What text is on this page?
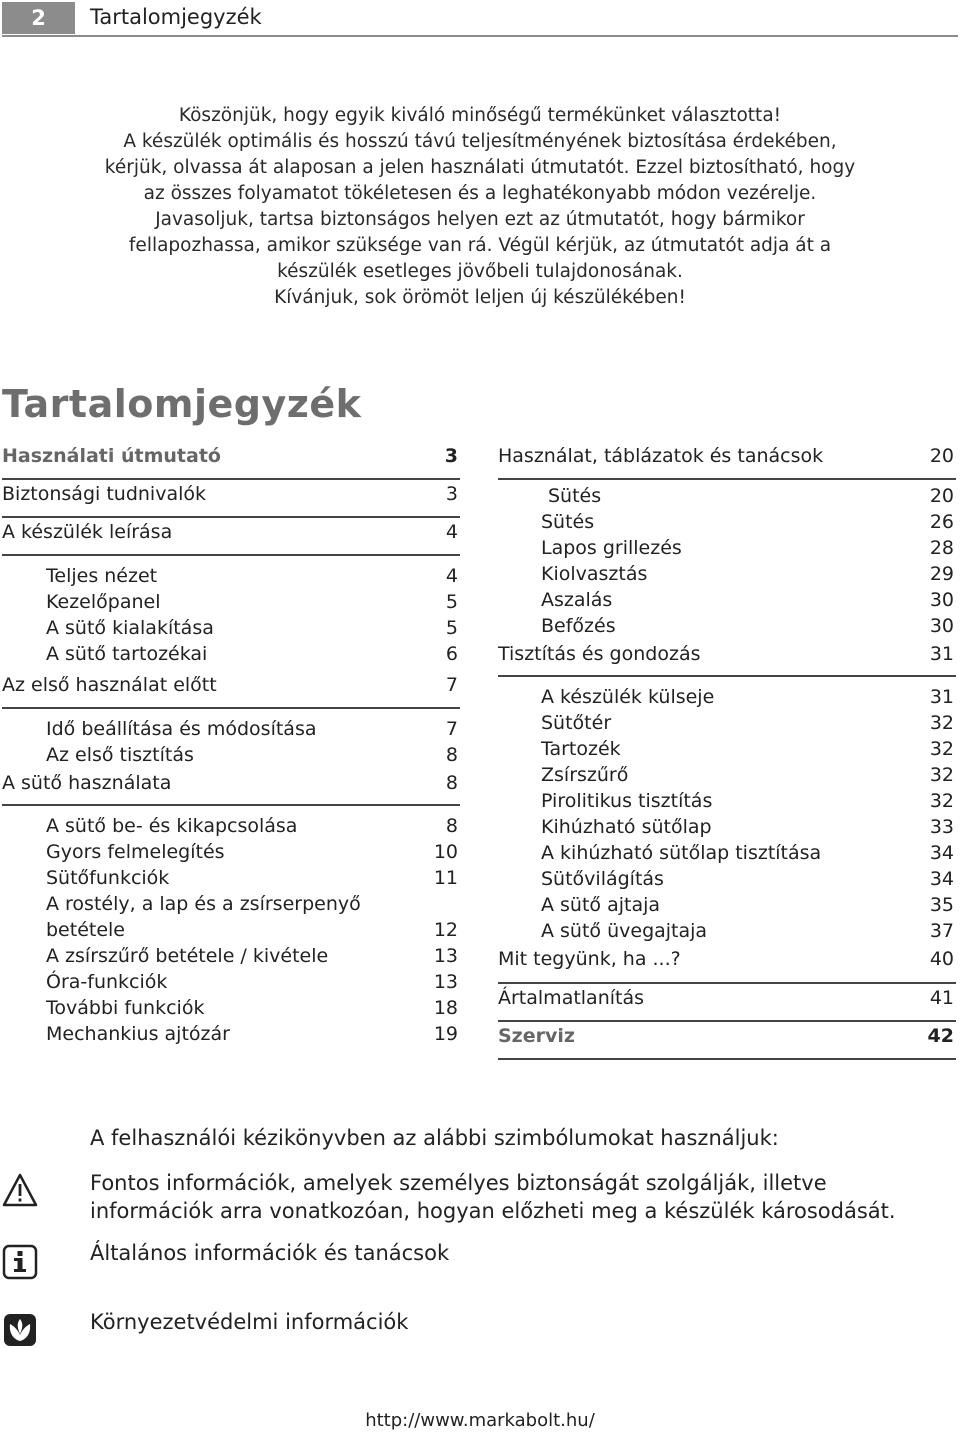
2	Tartalomjegyzék
Köszönjük, hogy egyik kiváló minőségű termékünket választotta!
A készülék optimális és hosszú távú teljesítményének biztosítása érdekében,
kérjük, olvassa át alaposan a jelen használati útmutatót. Ezzel biztosítható, hogy
az összes folyamatot tökéletesen és a leghatékonyabb módon vezérelje.
Javasoljuk, tartsa biztonságos helyen ezt az útmutatót, hogy bármikor
fellapozhassa, amikor szüksége van rá. Végül kérjük, az útmutatót adja át a
készülék esetleges jövőbeli tulajdonosának.
Kívánjuk, sok örömöt leljen új készülékében!
Tartalomjegyzék
Használati útmutató	3
Biztonsági tudnivalók	3
A készülék leírása	4
Teljes nézet	4
Kezelőpanel	5
A sütő kialakítása	5
A sütő tartozékai	6
Az első használat előtt	7
Idő beállítása és módosítása	7
Az első tisztítás	8
A sütő használata	8
A sütő be- és kikapcsolása	8
Gyors felmelegítés	10
Sütőfunkciók	11
A rostély, a lap és a zsírserpenyő
betétele	12
A zsírszűrő betétele / kivétele	13
Óra-funkciók	13
További funkciók	18
Mechankius ajtózár	19
Használat, táblázatok és tanácsok	20
Sütés	20
Sütés	26
Lapos grillezés	28
Kiolvasztás	29
Aszalás	30
Befőzés	30
Tisztítás és gondozás	31
A készülék külseje	31
Sütőtér	32
Tartozék	32
Zsírszűrő	32
Pirolitikus tisztítás	32
Kihúzható sütőlap	33
A kihúzható sütőlap tisztítása	34
Sütővilágítás	34
A sütő ajtaja	35
A sütő üvegajtaja	37
Mit tegyünk, ha ...?	40
Ártalmatlanítás	41
Szerviz	42
A felhasználói kézikönyvben az alábbi szimbólumokat használjuk:
Fontos információk, amelyek személyes biztonságát szolgálják, illetve
információk arra vonatkozóan, hogyan előzheti meg a készülék károsodását.
Általános információk és tanácsok
Környezetvédelmi információk
http://www.markabolt.hu/
